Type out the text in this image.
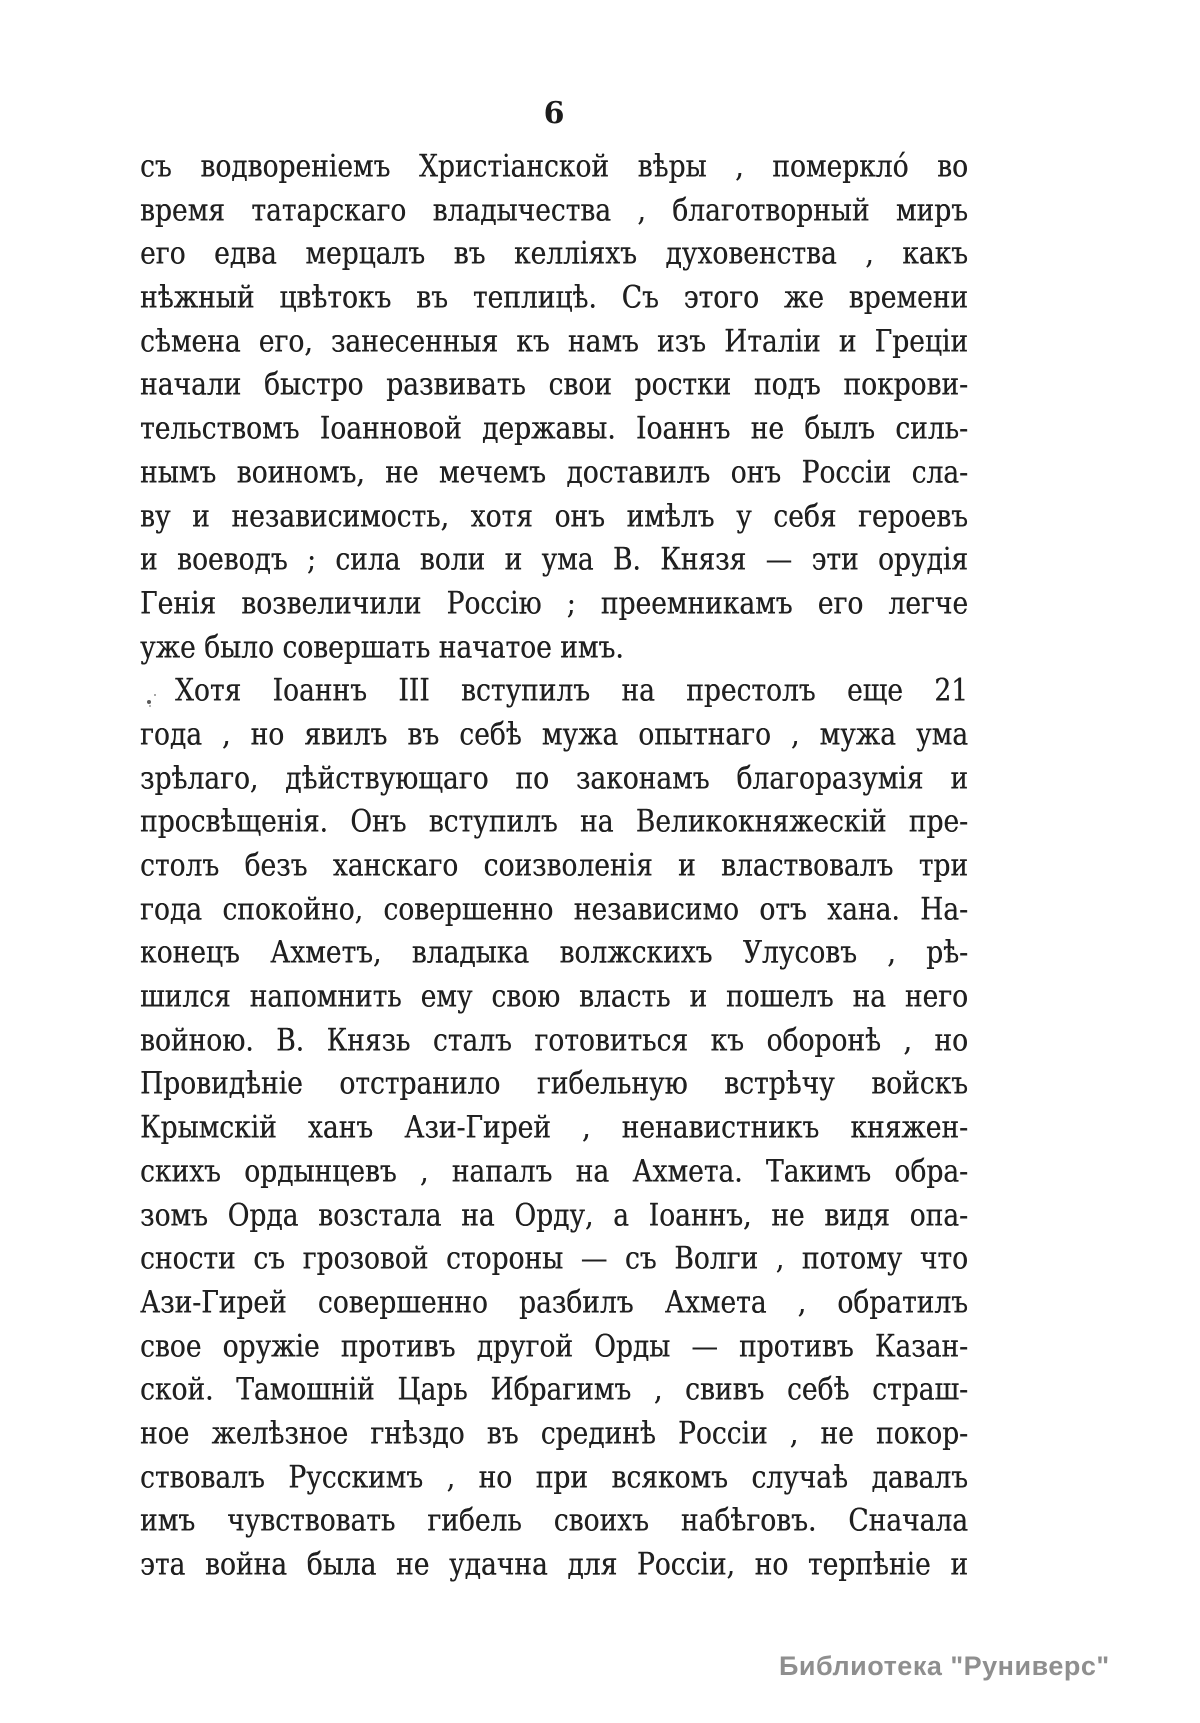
6
съ водвореніемъ Христіанской вѣры , померкло́ во
время татарскаго владычества , благотворный миръ
его едва мерцалъ въ келліяхъ духовенства , какъ
нѣжный цвѣтокъ въ теплицѣ. Съ этого же времени
сѣмена его, занесенныя къ намъ изъ Италіи и Греціи
начали быстро развивать свои ростки подъ покрови-
тельствомъ Іоанновой державы. Іоаннъ не былъ силь-
нымъ воиномъ, не мечемъ доставилъ онъ Россіи сла-
ву и независимость, хотя онъ имѣлъ у себя героевъ
и воеводъ ; сила воли и ума В. Князя — эти орудія
Генія возвеличили Россію ; преемникамъ его легче
уже было совершать начатое имъ.
Хотя Іоаннъ III вступилъ на престолъ еще 21
года , но явилъ въ себѣ мужа опытнаго , мужа ума
зрѣлаго, дѣйствующаго по законамъ благоразумія и
просвѣщенія. Онъ вступилъ на Великокняжескій пре-
столъ безъ ханскаго соизволенія и властвовалъ три
года спокойно, совершенно независимо отъ хана. На-
конецъ Ахметъ, владыка волжскихъ Улусовъ , рѣ-
шился напомнить ему свою власть и пошелъ на него
войною. В. Князь сталъ готовиться къ оборонѣ , но
Провидѣніе отстранило гибельную встрѣчу войскъ
Крымскій ханъ Ази-Гирей , ненавистникъ княжен-
скихъ ордынцевъ , напалъ на Ахмета. Такимъ обра-
зомъ Орда возстала на Орду, а Іоаннъ, не видя опа-
сности съ грозовой стороны — съ Волги , потому что
Ази-Гирей совершенно разбилъ Ахмета , обратилъ
свое оружіе противъ другой Орды — противъ Казан-
ской. Тамошній Царь Ибрагимъ , свивъ себѣ страш-
ное желѣзное гнѣздо въ срединѣ Россіи , не покор-
ствовалъ Русскимъ , но при всякомъ случаѣ давалъ
имъ чувствовать гибель своихъ набѣговъ. Сначала
эта война была не удачна для Россіи, но терпѣніе и
Библиотека "Руниверс"
